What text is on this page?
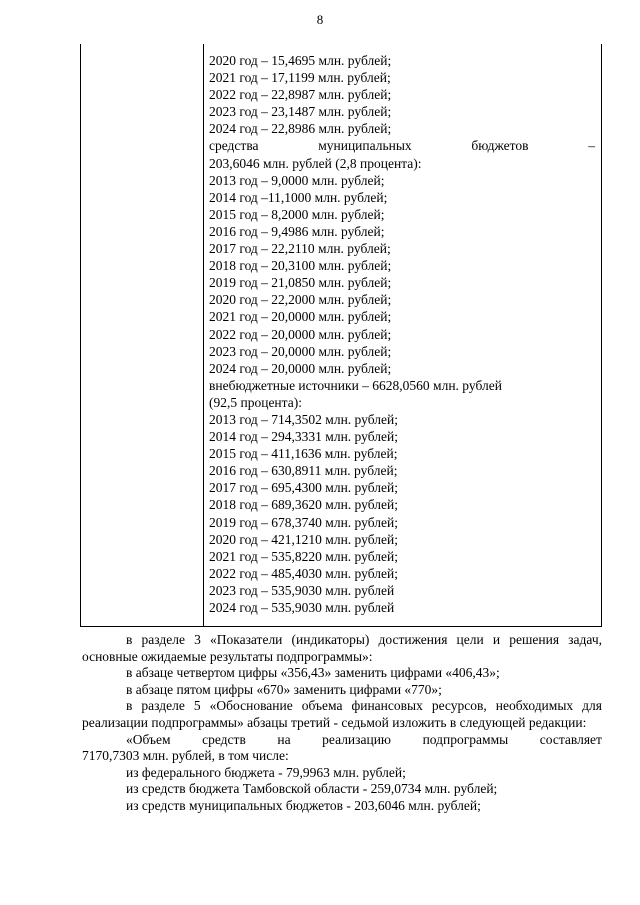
8
2020 год – 15,4695 млн. рублей;
2021 год – 17,1199 млн. рублей;
2022 год – 22,8987 млн. рублей;
2023 год – 23,1487 млн. рублей;
2024 год – 22,8986 млн. рублей;
средства	муниципальных	бюджетов	–
203,6046 млн. рублей (2,8 процента):
2013 год – 9,0000 млн. рублей;
2014 год –11,1000 млн. рублей;
2015 год – 8,2000 млн. рублей;
2016 год – 9,4986 млн. рублей;
2017 год – 22,2110 млн. рублей;
2018 год – 20,3100 млн. рублей;
2019 год – 21,0850 млн. рублей;
2020 год – 22,2000 млн. рублей;
2021 год – 20,0000 млн. рублей;
2022 год – 20,0000 млн. рублей;
2023 год – 20,0000 млн. рублей;
2024 год – 20,0000 млн. рублей;
внебюджетные источники – 6628,0560 млн. рублей
(92,5 процента):
2013 год – 714,3502 млн. рублей;
2014 год – 294,3331 млн. рублей;
2015 год – 411,1636 млн. рублей;
2016 год – 630,8911 млн. рублей;
2017 год – 695,4300 млн. рублей;
2018 год – 689,3620 млн. рублей;
2019 год – 678,3740 млн. рублей;
2020 год – 421,1210 млн. рублей;
2021 год – 535,8220 млн. рублей;
2022 год – 485,4030 млн. рублей;
2023 год – 535,9030 млн. рублей
2024 год – 535,9030 млн. рублей

в разделе 3 «Показатели (индикаторы) достижения цели и решения задач, основные ожидаемые результаты подпрограммы»:

в абзаце четвертом цифры «356,43» заменить цифрами «406,43»;

в абзаце пятом цифры «670» заменить цифрами «770»;

в разделе 5 «Обоснование объема финансовых ресурсов, необходимых для реализации подпрограммы» абзацы третий - седьмой изложить в следующей редакции:

«Объем средств на реализацию подпрограммы составляет

7170,7303 млн. рублей, в том числе:

из федерального бюджета - 79,9963 млн. рублей;

из средств бюджета Тамбовской области - 259,0734 млн. рублей;

из средств муниципальных бюджетов - 203,6046 млн. рублей;
